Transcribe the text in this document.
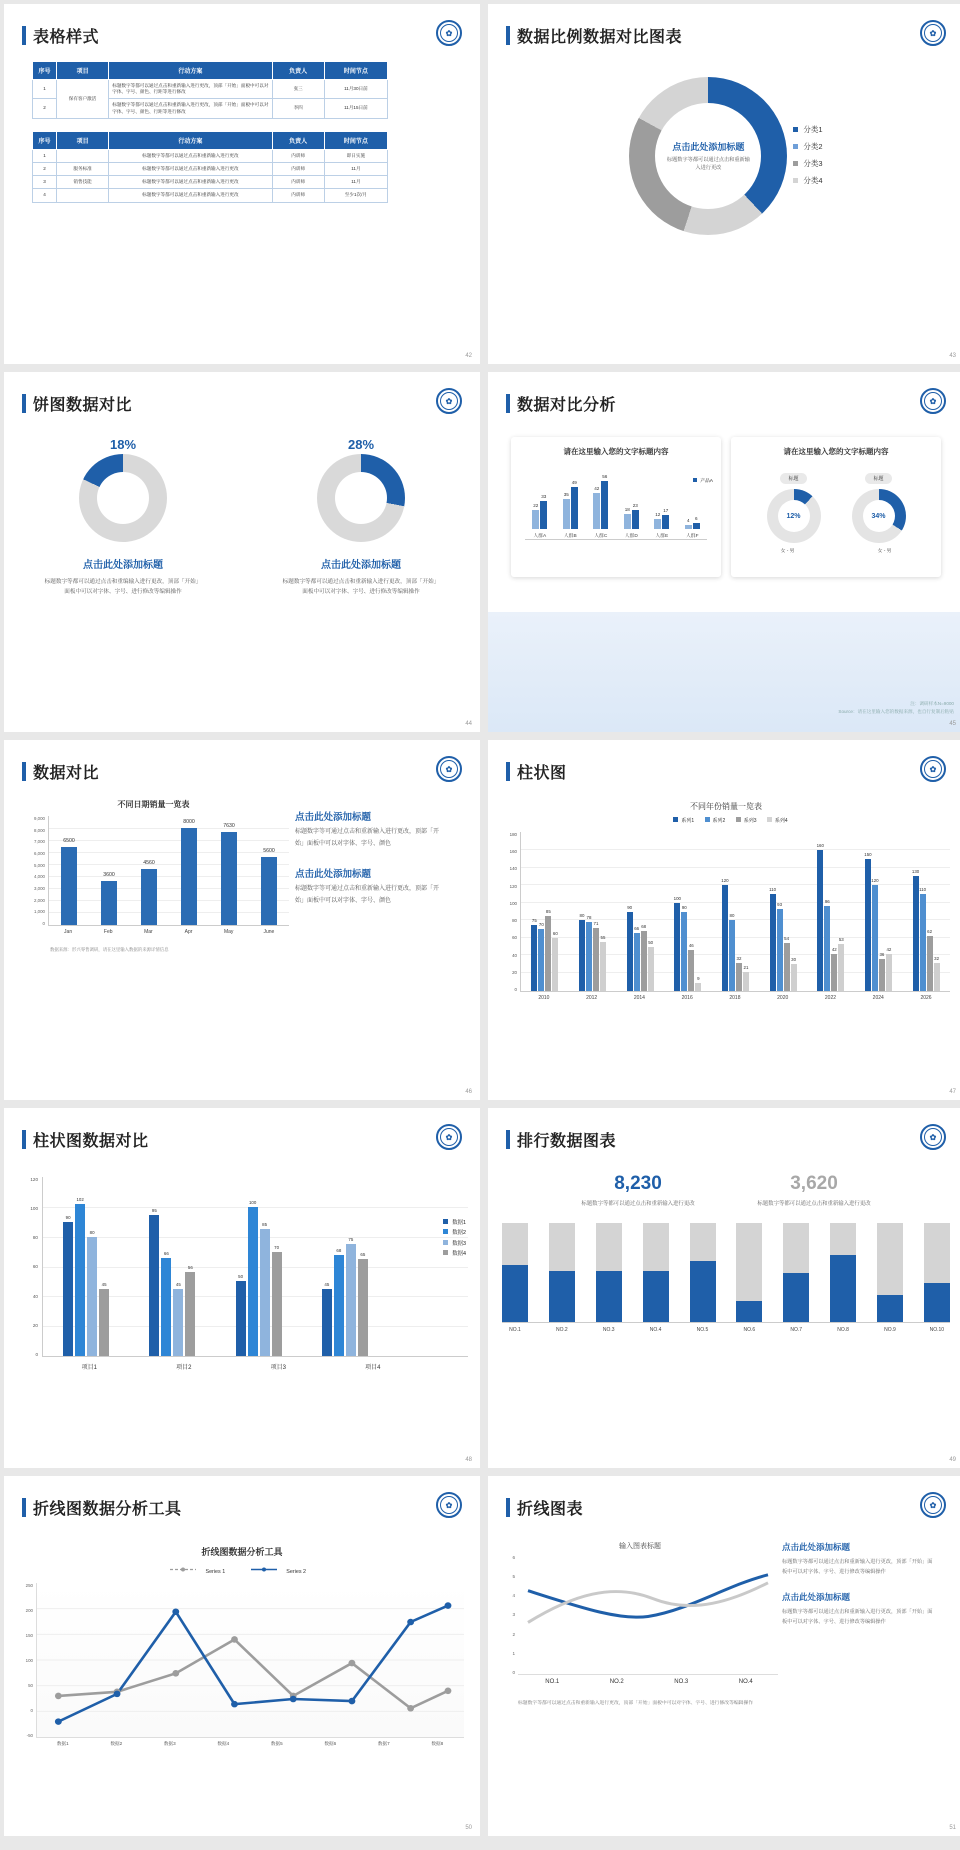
表格样式	✿
序号	项目	行动方案	负责人	时间节点
1	保有客户激活	标题数字等都可以通过点击和重新输入进行更改，顶部「开始」面板中可以对字体、字号、颜色、行距等进行修改	张三	11月30日前
2		标题数字等都可以通过点击和重新输入进行更改，顶部「开始」面板中可以对字体、字号、颜色、行距等进行修改	李四	11月15日前
序号	项目	行动方案	负责人	时间节点
1		标题数字等都可以通过点击和重新输入进行更改	内训师	即日实施
2	服务标准	标题数字等都可以通过点击和重新输入进行更改	内训师	11月
3	销售技能	标题数字等都可以通过点击和重新输入进行更改	内训师	11月
4		标题数字等都可以通过点击和重新输入进行更改	内训师	至少1次/月
42
数据比例数据对比图表	✿
点击此处添加标题
标题数字等都可以通过点击和重新输入进行更改
分类1
分类2
分类3
分类4
43
饼图数据对比	✿
18%
点击此处添加标题
标题数字等都可以通过点击和重编输入进行更改，顶部「开始」面板中可以对字体、字号、进行修改等编辑操作
28%
点击此处添加标题
标题数字等都可以通过点击和重新输入进行更改，顶部「开始」面板中可以对字体、字号、进行修改等编辑操作
44
数据对比分析	✿
请在这里输入您的文字标题内容
22
33
人群A
35
49
人群B
42
56
人群C
18
23
人群D
12
17
人群E
4 6
人群F
产品A
请在这里输入您的文字标题内容
标题
12%
标题
34%
女 - 男	女 - 男
注：调研样本N=9000
Source：请在这里输入您的数据来源，也自行复制后粘贴
45
数据对比	✿
不同日期销量一览表
9,000
8,000
7,000
6,000
5,000
4,000
3,000
2,000
1,000
0
6500
3600
4560
8000
7630
5600
Jan	Feb	Mar	Apr	May	June
数据来源：形兴零售调研，请在这里输入数据的来源详情信息
点击此处添加标题
标题数字等可通过点击和重新输入进行更改，顶部「开始」面板中可以对字体、字号、颜色
点击此处添加标题
标题数字等可通过点击和重新输入进行更改，顶部「开始」面板中可以对字体、字号、颜色
46
柱状图	✿
不同年份销量一览表
系列1	系列2	系列3	系列4
180
160
140
120
100
80
60
40
20
0
75
70
85
60
80 78
71
55
90
66 68
50
100
90
46
9
120
80
32
21
110
93
54
30
160
96
42
53
150
120
36
42
130
110
62
32
2010	2012	2014	2016	2018	2020	2022	2024	2026
47
柱状图数据对比	✿
120
100
80
60
40
20
0
90
102
80
45
95
66
45
56
50
100
85
70
45
68
75
65
数据1
数据2
数据3
数据4
项目1	项目2	项目3	项目4
48
排行数据图表	✿
8,230
标题数字等都可以通过点击和重新输入进行更改
3,620
标题数字等都可以通过点击和重新输入进行更改
NO.1	NO.2	NO.3	NO.4	NO.5	NO.6	NO.7	NO.8	NO.9	NO.10
49
折线图数据分析工具	✿
折线图数据分析工具
Series 1	Series 2
250
200
150
100
50
0
-50
数据1	数据2	数据3	数据4	数据5	数据6	数据7	数据8
50
折线图表	✿
输入图表标题
6
5
4
3
2
1
0
NO.1	NO.2	NO.3	NO.4
标题数字等都可以通过点击和重新输入进行更改，顶部「开始」面板中可以对字体、字号、进行修改等编辑操作
点击此处添加标题
标题数字等都可以通过点击和重新输入进行更改，顶部「开始」面板中可以对字体、字号、进行修改等编辑操作
点击此处添加标题
标题数字等都可以通过点击和重新输入进行更改，顶部「开始」面板中可以对字体、字号、进行修改等编辑操作
51
